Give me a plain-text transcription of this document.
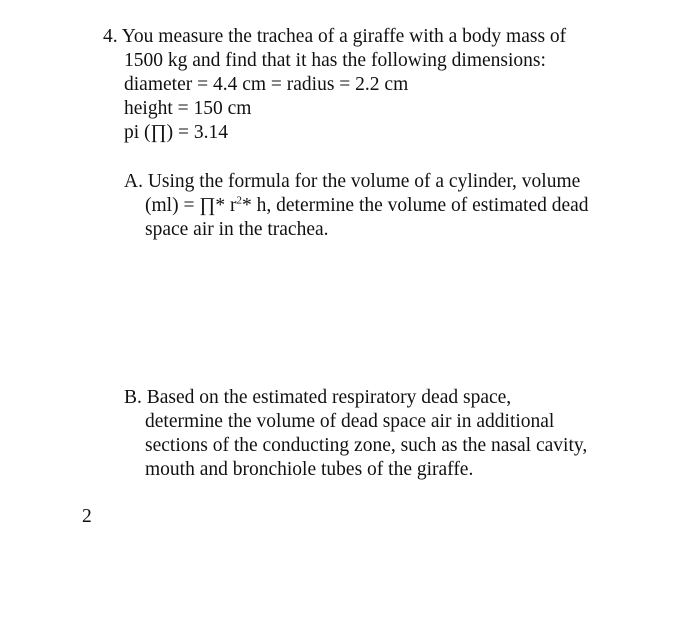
4. You measure the trachea of a giraffe with a body mass of
1500 kg and find that it has the following dimensions:
diameter = 4.4 cm = radius = 2.2 cm
height = 150 cm
pi (∏) = 3.14
A. Using the formula for the volume of a cylinder, volume
(ml) = ∏* $r^2*$ h, determine the volume of estimated dead
space air in the trachea.
B. Based on the estimated respiratory dead space,
determine the volume of dead space air in additional
sections of the conducting zone, such as the nasal cavity,
mouth and bronchiole tubes of the giraffe.
2
